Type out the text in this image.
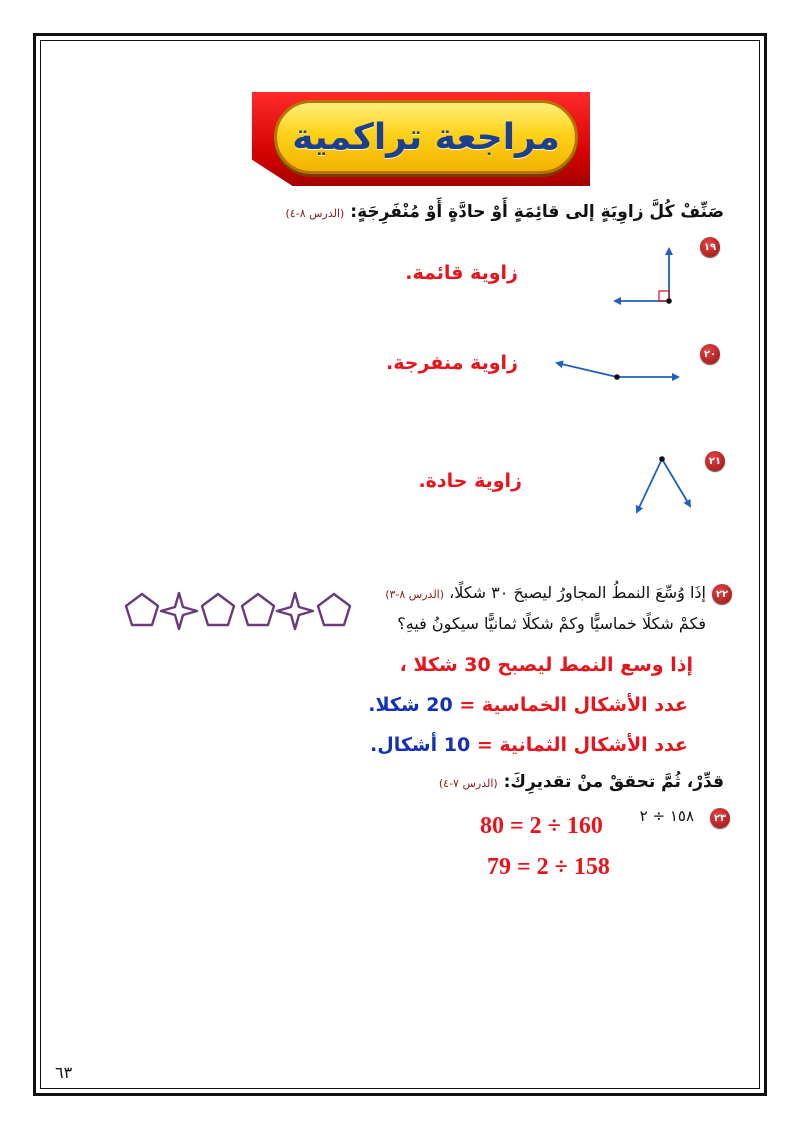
مراجعة تراكمية
صَنِّفْ كُلَّ زاوِيَةٍ إلى قائِمَةٍ أَوْ حادَّةٍ أَوْ مُنْفَرِجَةٍ: (الدرس ٨-٤)
١٩
زاوية قائمة.
٢٠
زاوية منفرجة.
٢١
زاوية حادة.
٢٢
إذَا وُسِّعَ النمطُ المجاورُ ليصبحَ ٣٠ شكلًا، (الدرس ٨-٣)
فكمْ شكلًا خماسيًّا وكمْ شكلًا ثمانيًّا سيكونُ فيهِ؟
إذا وسع النمط ليصبح 30 شكلا ،
عدد الأشكال الخماسية = 20 شكلا.
عدد الأشكال الثمانية = 10 أشكال.
قدِّرْ، ثُمَّ تحققْ منْ تقديرِكَ: (الدرس ٧-٤)
٢٣
١٥٨ ÷ ٢
80 = 2 ÷ 160
79 = 2 ÷ 158
٦٣
